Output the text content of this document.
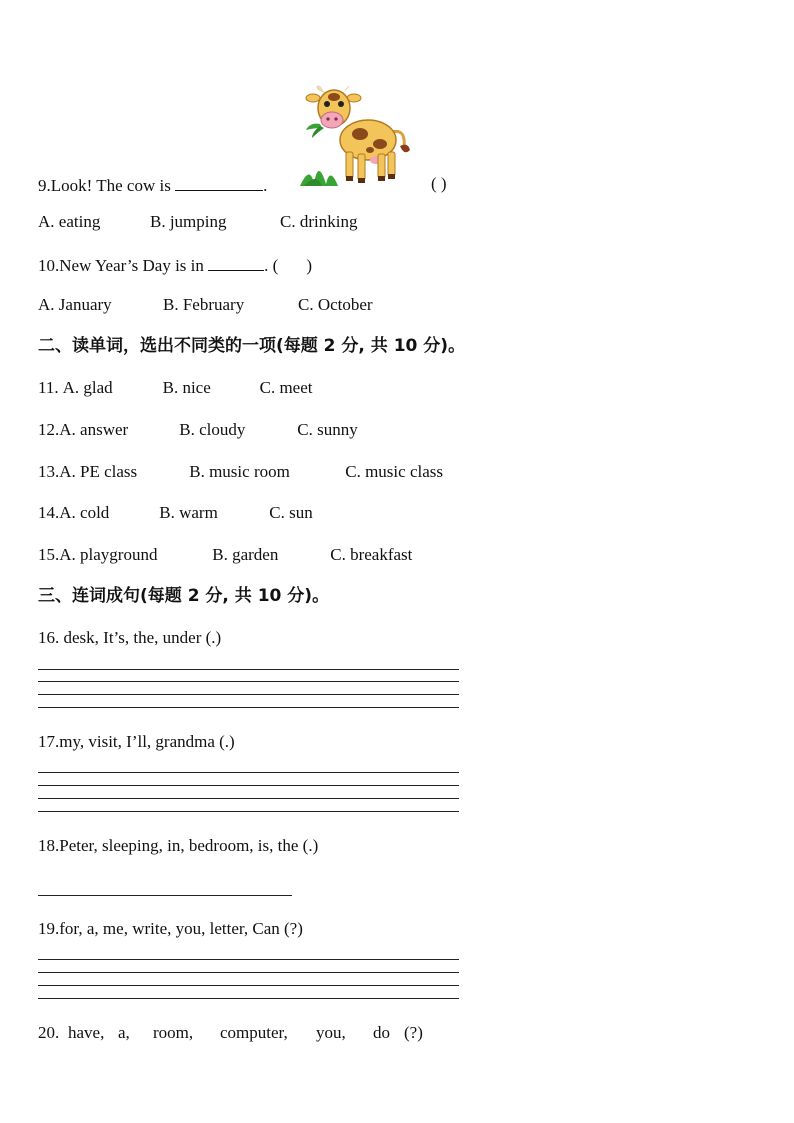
9.Look! The cow is	.	( )
A. eating	B. jumping	C. drinking
10.New Year’s Day is in	. ( )
A. January	B. February	C. October
二、读单词，选出不同类的一项(每题 2 分, 共 10 分)。
11. A. glad	B. nice	C. meet
12.A. answer	B. cloudy	C. sunny
13.A. PE class	B. music room	C. music class
14.A. cold	B. warm	C. sun
15.A. playground	B. garden	C. breakfast
三、连词成句(每题 2 分, 共 10 分)。
16. desk, It’s, the, under (.)
17.my, visit, I’ll, grandma (.)
18.Peter, sleeping, in, bedroom, is, the (.)
19.for, a, me, write, you, letter, Can (?)
20. have, a, room, computer, you, do (?)
